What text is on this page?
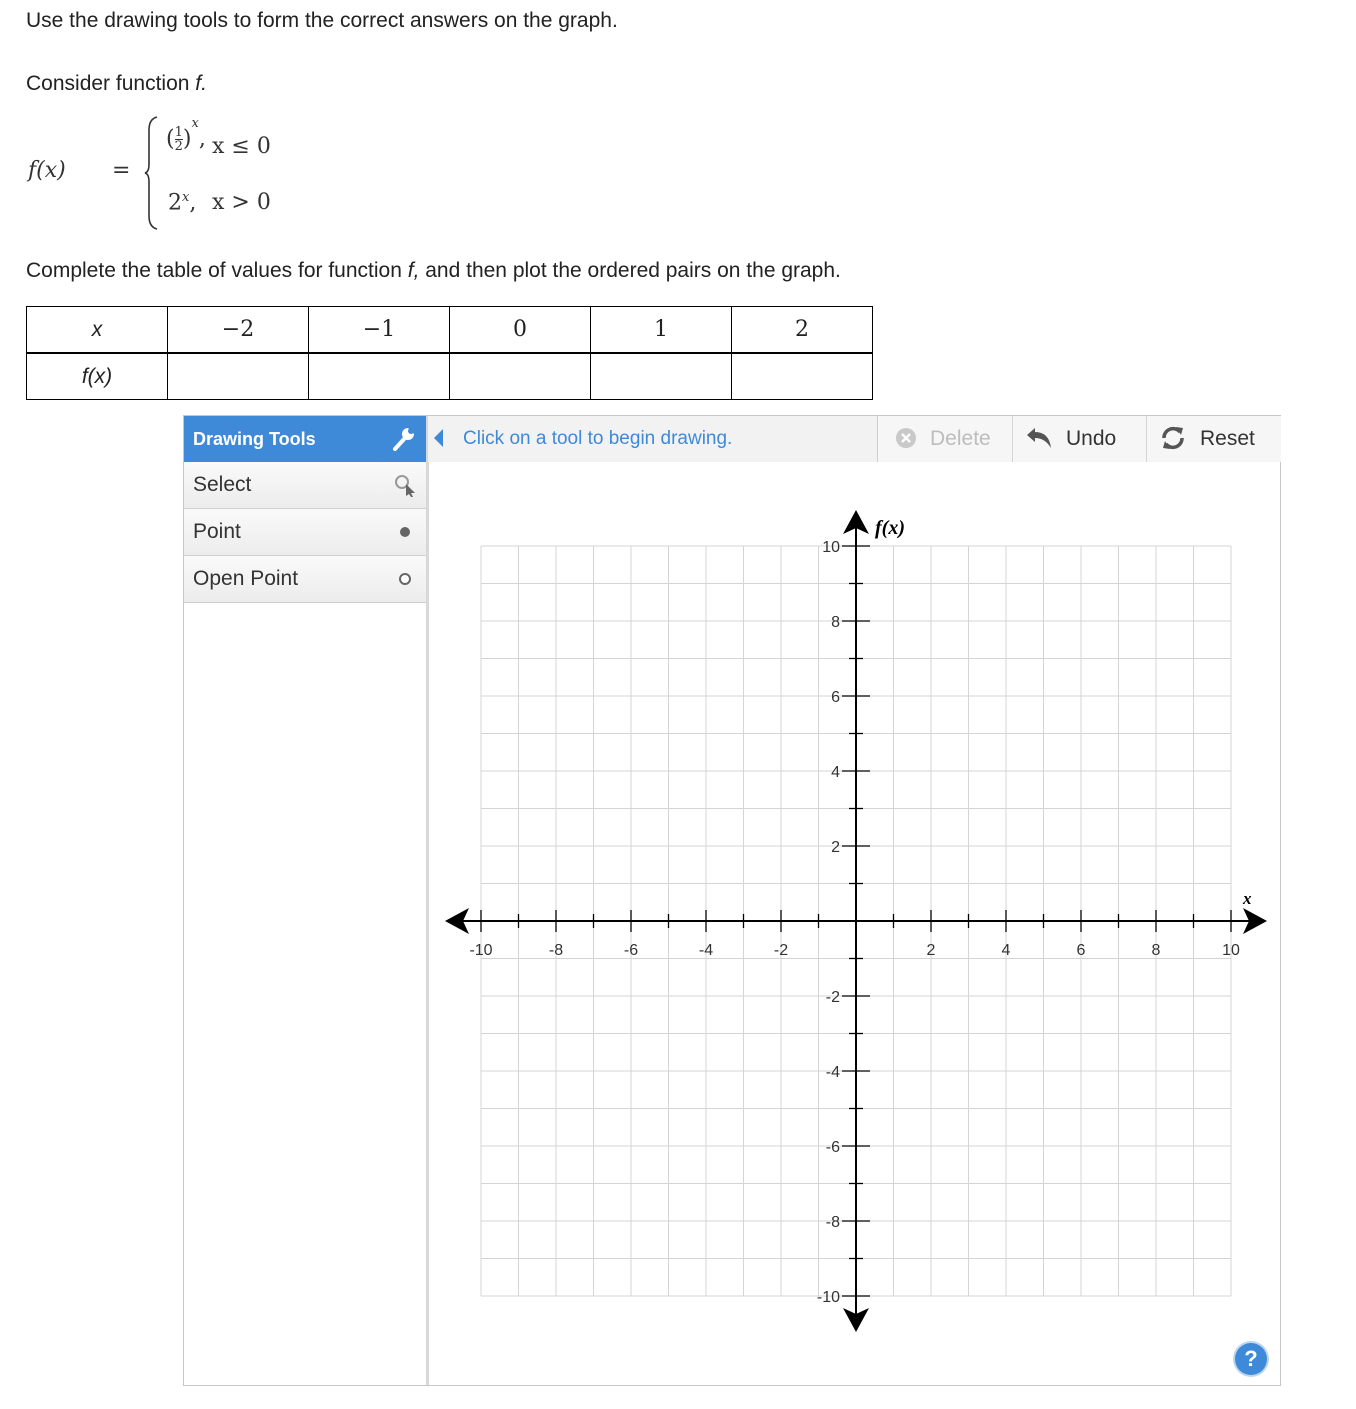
Use the drawing tools to form the correct answers on the graph.

Consider function f.

f(x) =
( $\frac{1}{2} )^x$, x ≤ 0
2$^x$, x > 0

Complete the table of values for function f, and then plot the ordered pairs on the graph.

x	−2	−1	0	1	2
f(x)					
Drawing Tools
Select
Point
Open Point
Click on a tool to begin drawing.	Delete	Undo	Reset
-10	-8	-6	-4	-2	2	4	6	8	10
10
8
6
4
2
-2
-4
-6
-8
-10
x
f(x)
?
